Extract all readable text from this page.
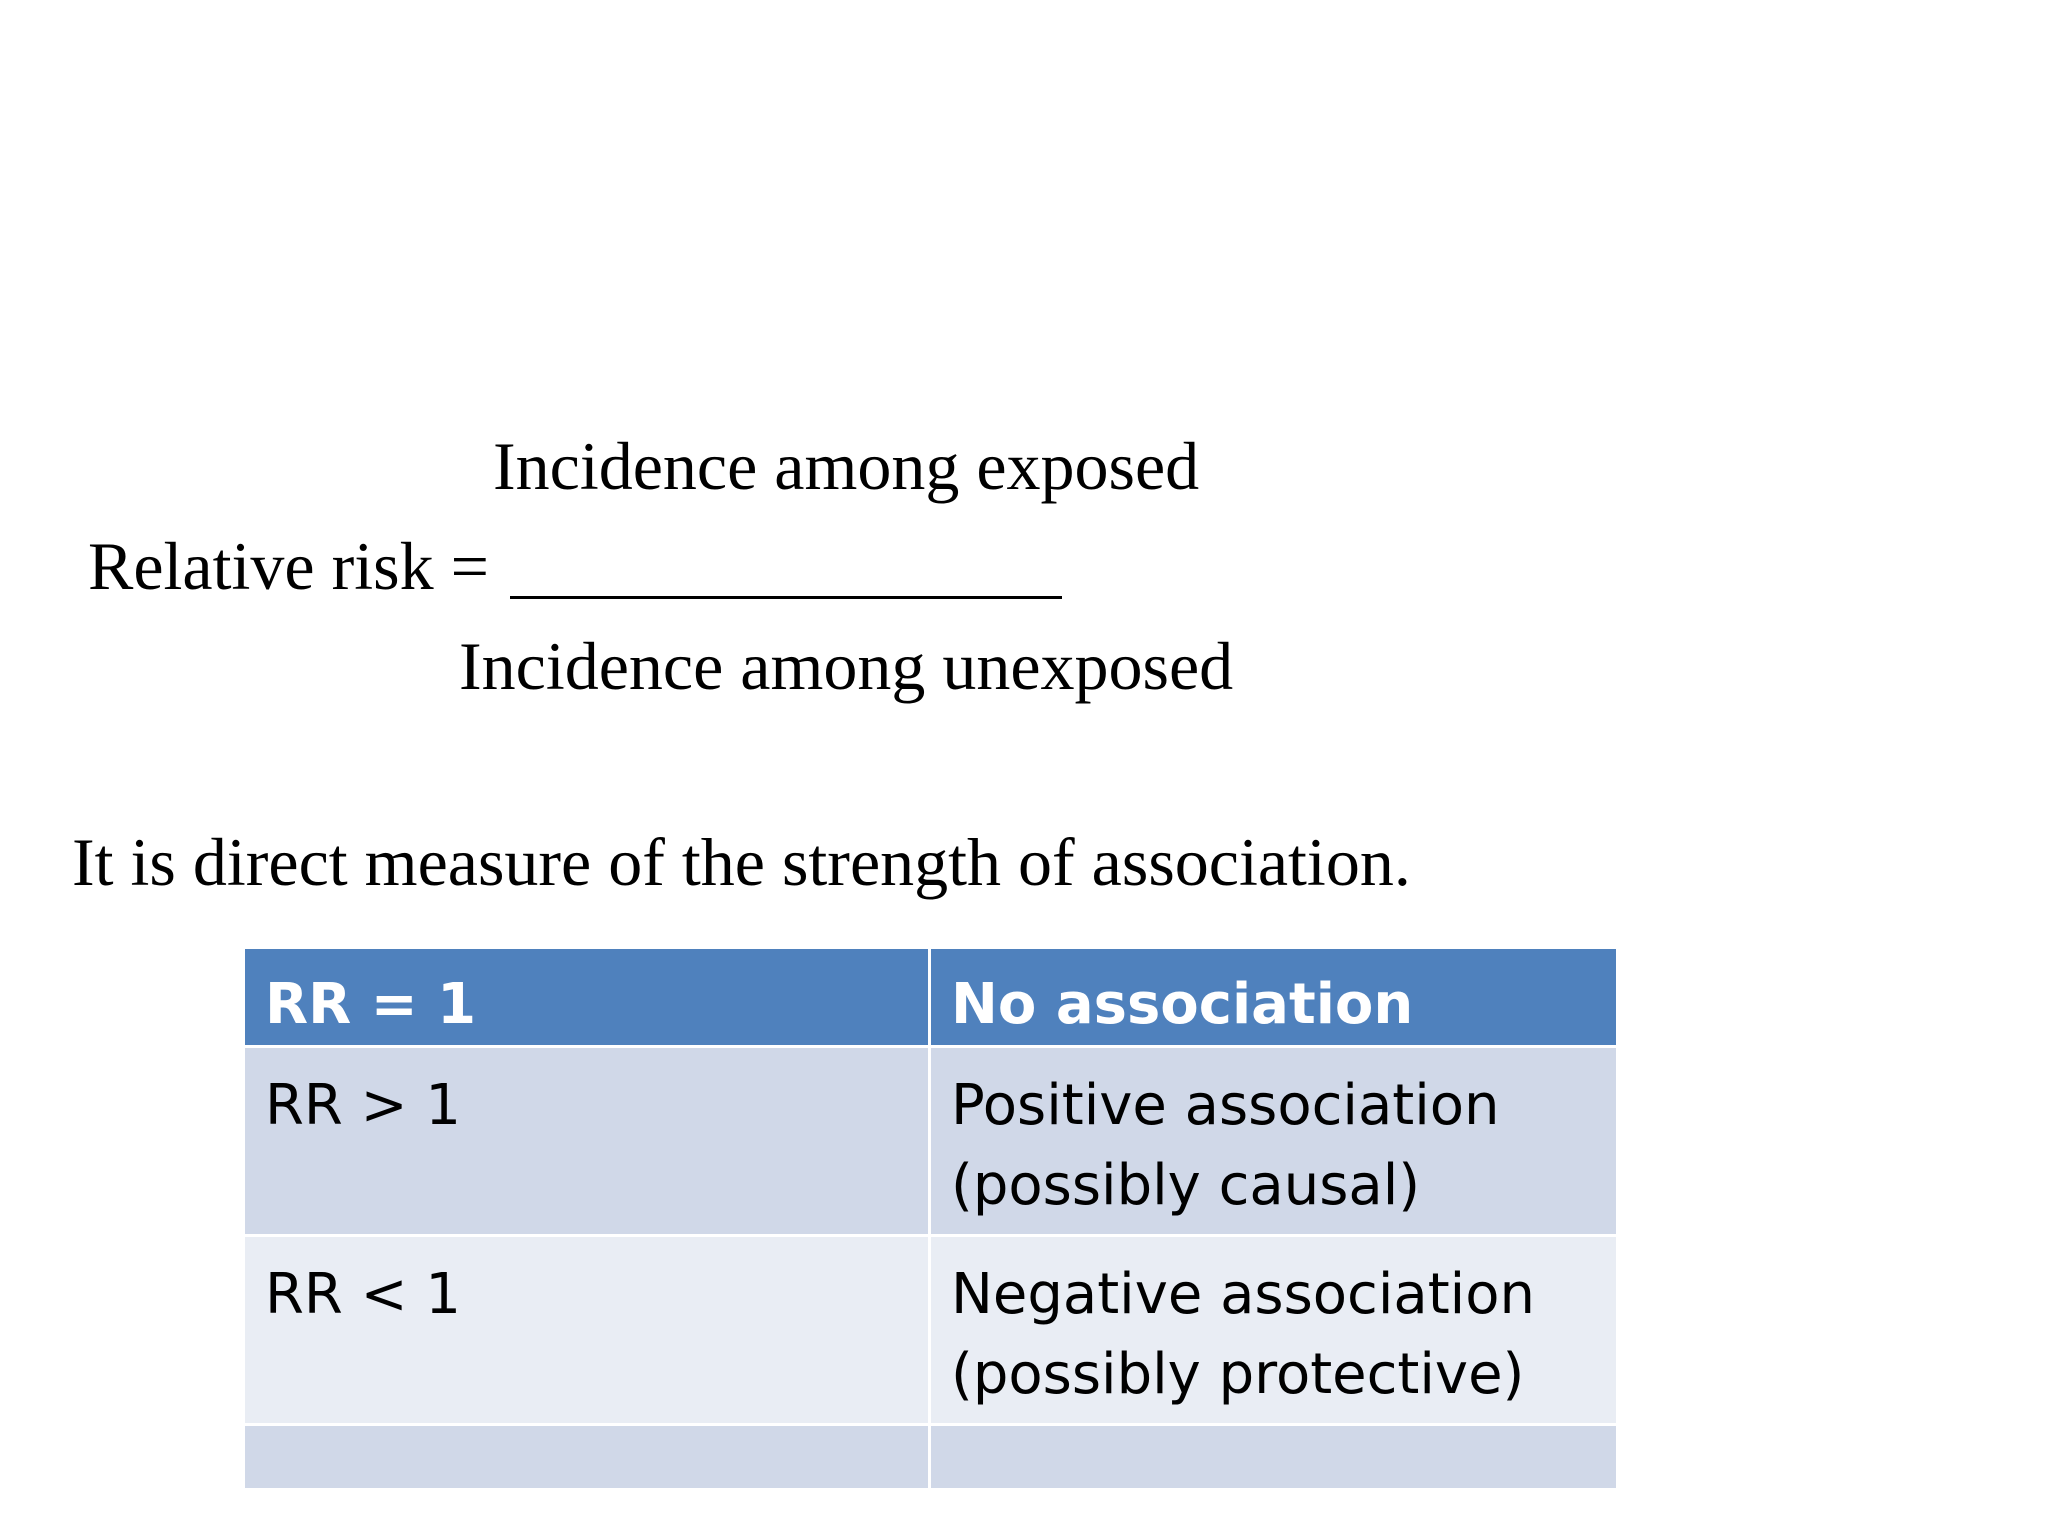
Incidence among exposed
Relative risk =
Incidence among unexposed
It is direct measure of the strength of association.
RR = 1	No association
RR > 1	Positive association
(possibly causal)

RR < 1	Negative association
(possibly protective)
